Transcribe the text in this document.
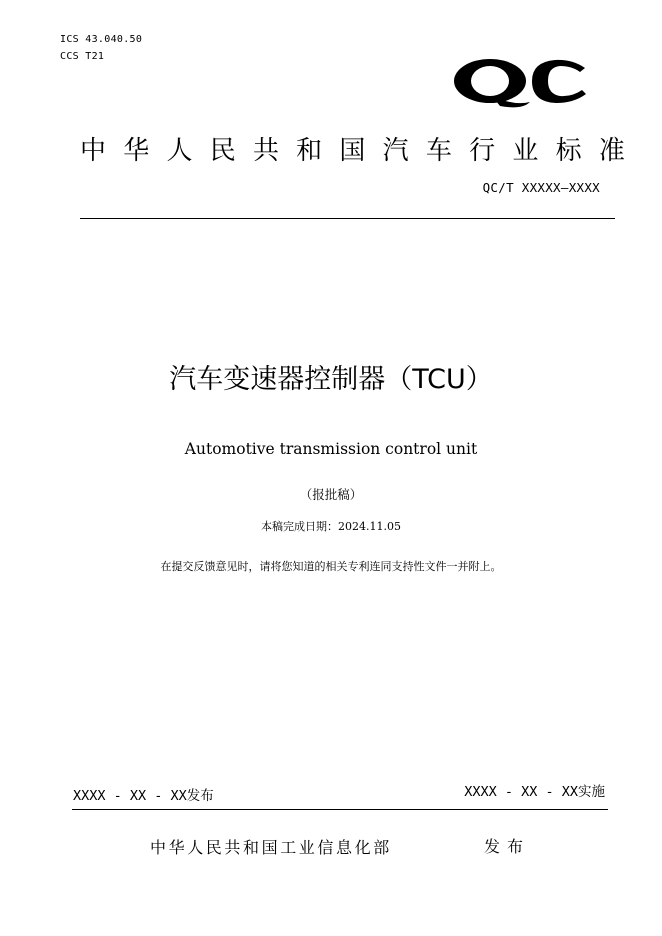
ICS 43.040.50
CCS T21
中 华 人 民 共 和 国 汽 车 行 业 标 准
QC/T XXXXX—XXXX
汽车变速器控制器（TCU）
Automotive transmission control unit
（报批稿）
本稿完成日期：2024.11.05
在提交反馈意见时，请将您知道的相关专利连同支持性文件一并附上。
XXXX - XX - XX发布	XXXX - XX - XX实施
中华人民共和国工业信息化部	发布
